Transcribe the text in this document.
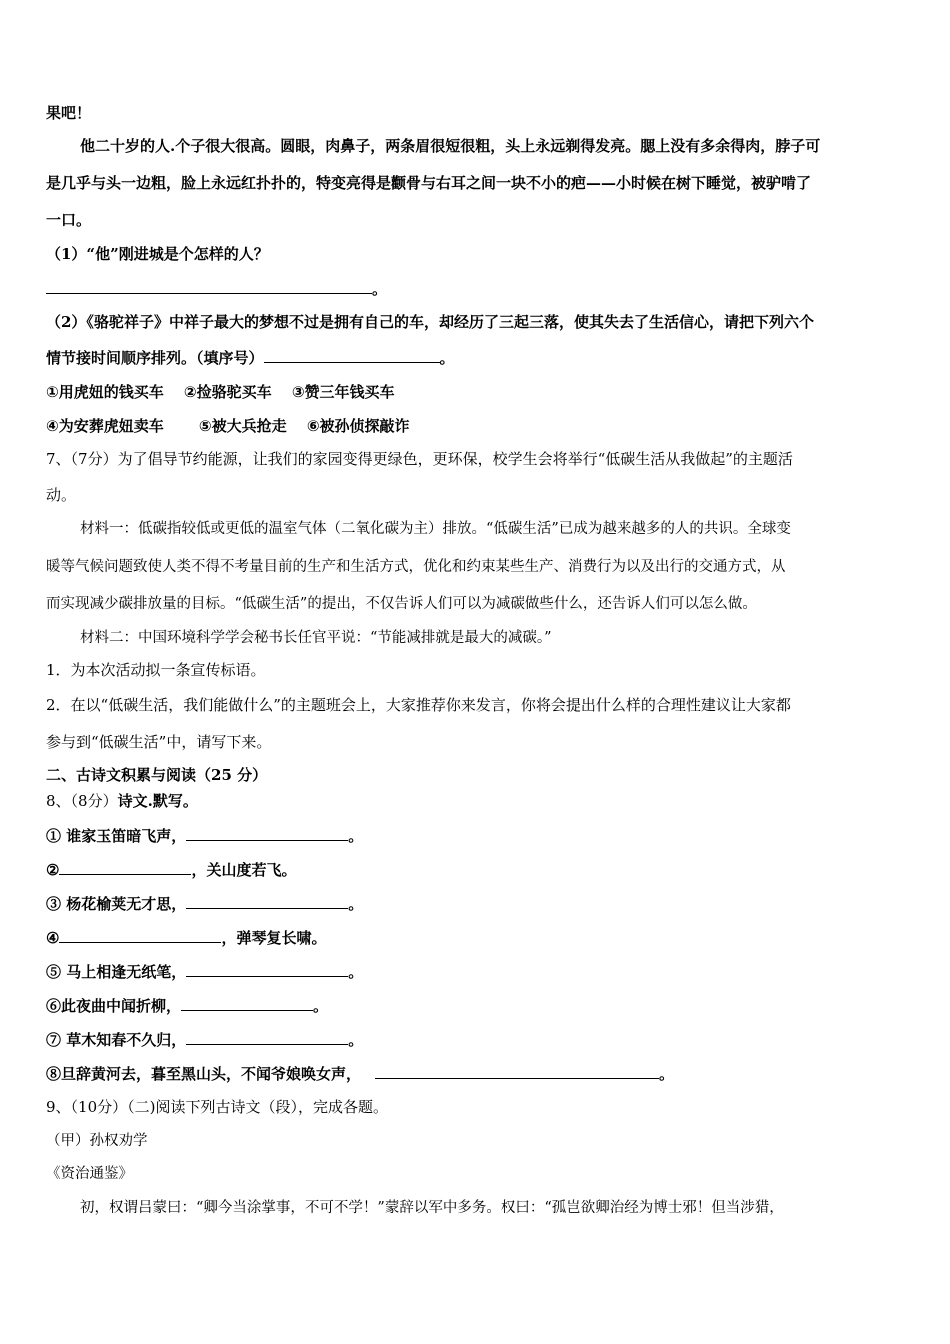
果吧！
他二十岁的人.个子很大很高。圆眼，肉鼻子，两条眉很短很粗，头上永远剃得发亮。腮上没有多余得肉，脖子可
是几乎与头一边粗，脸上永远红扑扑的，特变亮得是颧骨与右耳之间一块不小的疤——小时候在树下睡觉，被驴啃了
一口。
（1）“他”刚进城是个怎样的人？
。
（2）《骆驼祥子》中祥子最大的梦想不过是拥有自己的车，却经历了三起三落，使其失去了生活信心，请把下列六个
情节接时间顺序排列。（填序号）	。
①用虎妞的钱买车　 ②捡骆驼买车　 ③赞三年钱买车
④为安葬虎妞卖车　 　⑤被大兵抢走　 ⑥被孙侦探敲诈
7、（7分）为了倡导节约能源，让我们的家园变得更绿色，更环保，校学生会将举行“低碳生活从我做起”的主题活
动。
材料一：低碳指较低或更低的温室气体（二氧化碳为主）排放。“低碳生活”已成为越来越多的人的共识。全球变
暖等气候问题致使人类不得不考量目前的生产和生活方式，优化和约束某些生产、消费行为以及出行的交通方式，从
而实现减少碳排放量的目标。“低碳生活”的提出，不仅告诉人们可以为减碳做些什么，还告诉人们可以怎么做。
材料二：中国环境科学学会秘书长任官平说：“节能减排就是最大的减碳。”
1．为本次活动拟一条宣传标语。
2．在以“低碳生活，我们能做什么”的主题班会上，大家推荐你来发言，你将会提出什么样的合理性建议让大家都
参与到“低碳生活”中，请写下来。
二、古诗文积累与阅读（25 分）
8、（8分）诗文.默写。
① 谁家玉笛暗飞声，	。
②	，关山度若飞。
③ 杨花榆荚无才思，	。
④	，弹琴复长啸。
⑤ 马上相逢无纸笔，	。
⑥此夜曲中闻折柳，	。
⑦ 草木知春不久归，	。
⑧旦辞黄河去，暮至黑山头，不闻爷娘唤女声，	。
9、（10分）（二)阅读下列古诗文（段），完成各题。
（甲）孙权劝学
《资治通鉴》
初，权谓吕蒙曰：“卿今当涂掌事，不可不学！”蒙辞以军中多务。权曰：“孤岂欲卿治经为博士邪！但当涉猎，
